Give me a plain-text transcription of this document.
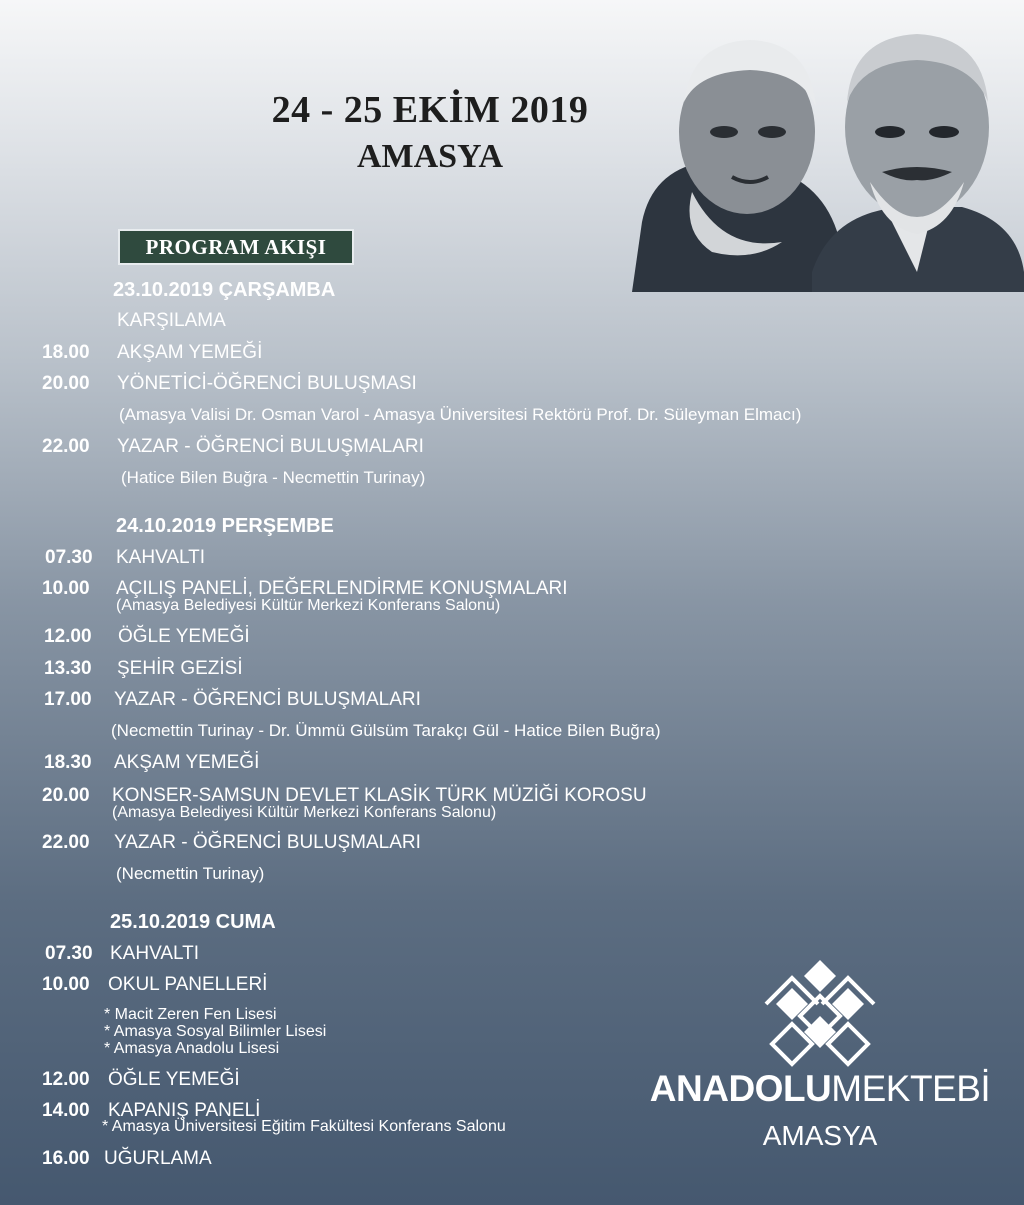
24 - 25 EKİM 2019
AMASYA
PROGRAM AKIŞI
23.10.2019 ÇARŞAMBA
KARŞILAMA
18.00 AKŞAM YEMEĞİ
20.00 YÖNETİCİ-ÖĞRENCİ BULUŞMASI
(Amasya Valisi Dr. Osman Varol - Amasya Üniversitesi Rektörü Prof. Dr. Süleyman Elmacı)
22.00 YAZAR - ÖĞRENCİ BULUŞMALARI
(Hatice Bilen Buğra - Necmettin Turinay)
24.10.2019 PERŞEMBE
07.30 KAHVALTI
10.00 AÇILIŞ PANELİ, DEĞERLENDİRME KONUŞMALARI
(Amasya Belediyesi Kültür Merkezi Konferans Salonu)
12.00 ÖĞLE YEMEĞİ
13.30 ŞEHİR GEZİSİ
17.00 YAZAR - ÖĞRENCİ BULUŞMALARI
(Necmettin Turinay - Dr. Ümmü Gülsüm Tarakçı Gül - Hatice Bilen Buğra)
18.30 AKŞAM YEMEĞİ
20.00 KONSER-SAMSUN DEVLET KLASİK TÜRK MÜZİĞİ KOROSU
(Amasya Belediyesi Kültür Merkezi Konferans Salonu)
22.00 YAZAR - ÖĞRENCİ BULUŞMALARI
(Necmettin Turinay)
25.10.2019 CUMA
07.30 KAHVALTI
10.00 OKUL PANELLERİ
* Macit Zeren Fen Lisesi
* Amasya Sosyal Bilimler Lisesi
* Amasya Anadolu Lisesi
12.00 ÖĞLE YEMEĞİ
14.00 KAPANIŞ PANELİ
* Amasya Üniversitesi Eğitim Fakültesi Konferans Salonu
16.00 UĞURLAMA
ANADOLUMEKTEBİ
AMASYA
